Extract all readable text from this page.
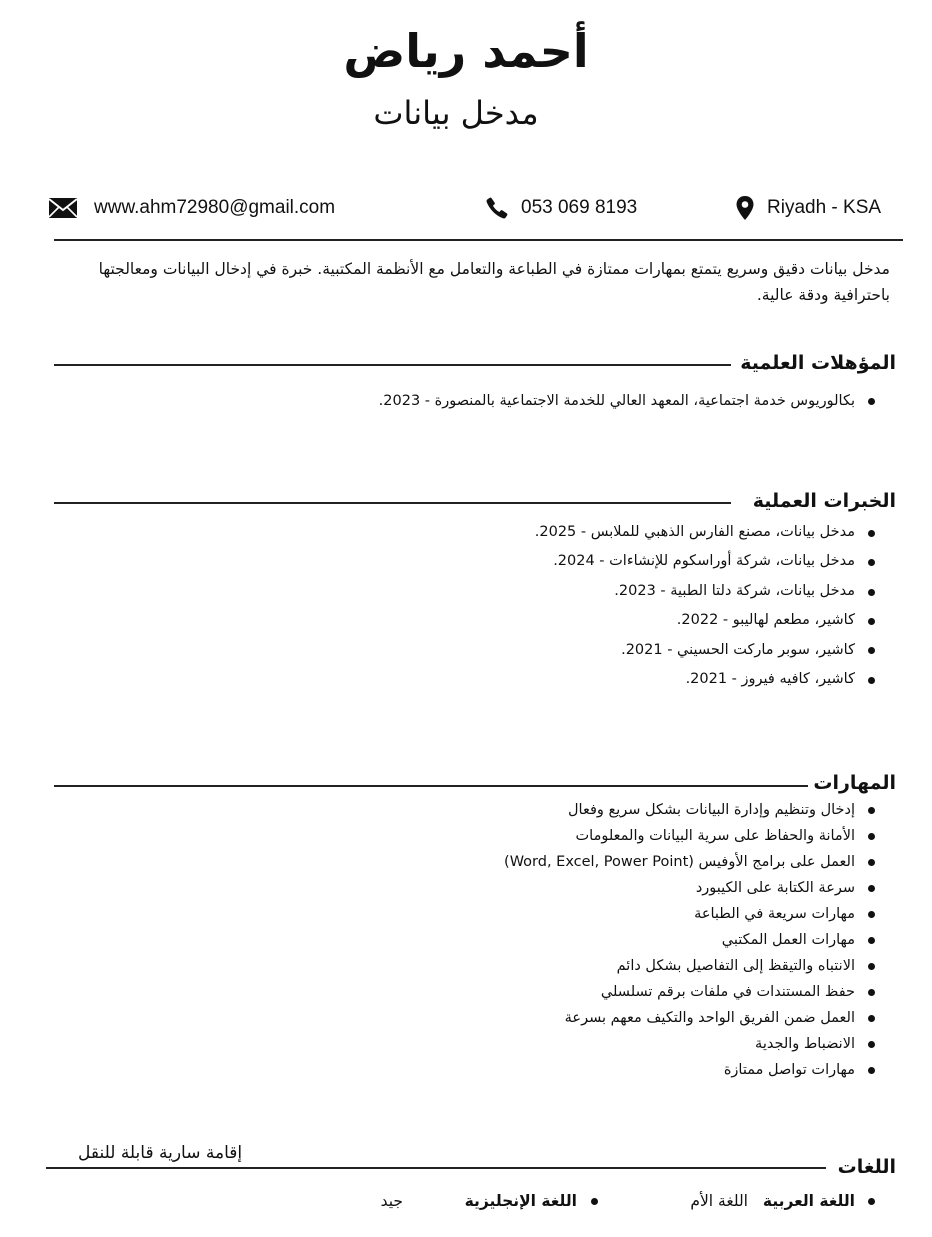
أحمد رياض
مدخل بيانات
www.ahm72980@gmail.com	053 069 8193	Riyadh - KSA
مدخل بيانات دقيق وسريع يتمتع بمهارات ممتازة في الطباعة والتعامل مع الأنظمة المكتبية. خبرة في إدخال البيانات ومعالجتها باحترافية ودقة عالية.
المؤهلات العلمية
بكالوريوس خدمة اجتماعية، المعهد العالي للخدمة الاجتماعية بالمنصورة - 2023.
الخبرات العملية
مدخل بيانات، مصنع الفارس الذهبي للملابس - 2025.
مدخل بيانات، شركة أوراسكوم للإنشاءات - 2024.
مدخل بيانات، شركة دلتا الطبية - 2023.
كاشير، مطعم لهاليبو - 2022.
كاشير، سوبر ماركت الحسيني - 2021.
كاشير، كافيه فيروز - 2021.
المهارات
إدخال وتنظيم وإدارة البيانات بشكل سريع وفعال
الأمانة والحفاظ على سرية البيانات والمعلومات
العمل على برامج الأوفيس (Word, Excel, Power Point)
سرعة الكتابة على الكيبورد
مهارات سريعة في الطباعة
مهارات العمل المكتبي
الانتباه والتيقظ إلى التفاصيل بشكل دائم
حفظ المستندات في ملفات برقم تسلسلي
العمل ضمن الفريق الواحد والتكيف معهم بسرعة
الانضباط والجدية
مهارات تواصل ممتازة
إقامة سارية قابلة للنقل
اللغات
اللغة العربية
اللغة الأم
اللغة الإنجليزية
جيد
